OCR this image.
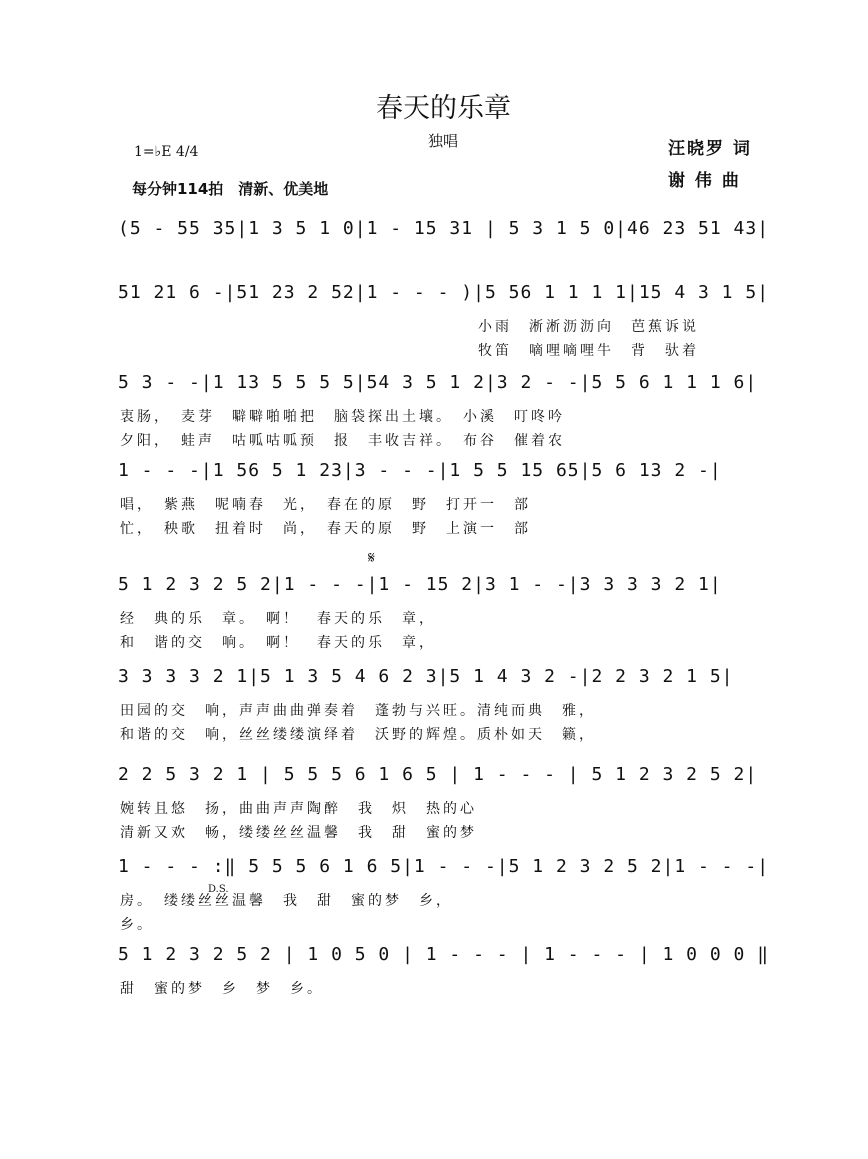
春天的乐章
独唱	汪晓罗 词
谢 伟 曲
1=♭E 4/4
每分钟114拍　清新、优美地
(5 - 55 35|1 3 5 1 0|1 - 15 31 | 5 3 1 5 0|46 23 51 43|
51 21 6 -|51 23 2 52|1 - - - )|5 56 1 1 1 1|15 4 3 1 5|
小雨　淅淅沥沥向　芭蕉诉说
牧笛　嘀哩嘀哩牛　背　驮着
5 3 - -|1 13 5 5 5 5|54 3 5 1 2|3 2 - -|5 5 6 1 1 1 6|
衷肠，　麦芽　噼噼啪啪把　脑袋探出土壤。　小溪　叮咚吟
夕阳，　蛙声　咕呱咕呱预　报　丰收吉祥。　布谷　催着农
1 - - -|1 56 5 1 23|3 - - -|1 5 5 15 65|5 6 13 2 -|
唱，　紫燕　呢喃春　光，　春在的原　野　打开一　部
忙，　秧歌　扭着时　尚，　春天的原　野　上演一　部
𝄋
5 1 2 3 2 5 2|1 - - -|1 - 15 2|3 1 - -|3 3 3 3 2 1|
经　典的乐　章。　啊！　春天的乐　章，
和　谐的交　响。　啊！　春天的乐　章，
3 3 3 3 2 1|5 1 3 5 4 6 2 3|5 1 4 3 2 -|2 2 3 2 1 5|
田园的交　响，声声曲曲弹奏着　蓬勃与兴旺。清纯而典　雅，
和谐的交　响，丝丝缕缕演绎着　沃野的辉煌。质朴如天　籁，
2 2 5 3 2 1 | 5 5 5 6 1 6 5 | 1 - - - | 5 1 2 3 2 5 2|
婉转且悠　扬，曲曲声声陶醉　我　炽　热的心
清新又欢　畅，缕缕丝丝温馨　我　甜　蜜的梦
1 - - - :‖ 5 5 5 6 1 6 5|1 - - -|5 1 2 3 2 5 2|1 - - -|
D.S.
房。　缕缕丝丝温馨　我　甜　蜜的梦　乡，
乡。
5 1 2 3 2 5 2 | 1 0 5 0 | 1 - - - | 1 - - - | 1 0 0 0 ‖
甜　蜜的梦　乡　梦　乡。
